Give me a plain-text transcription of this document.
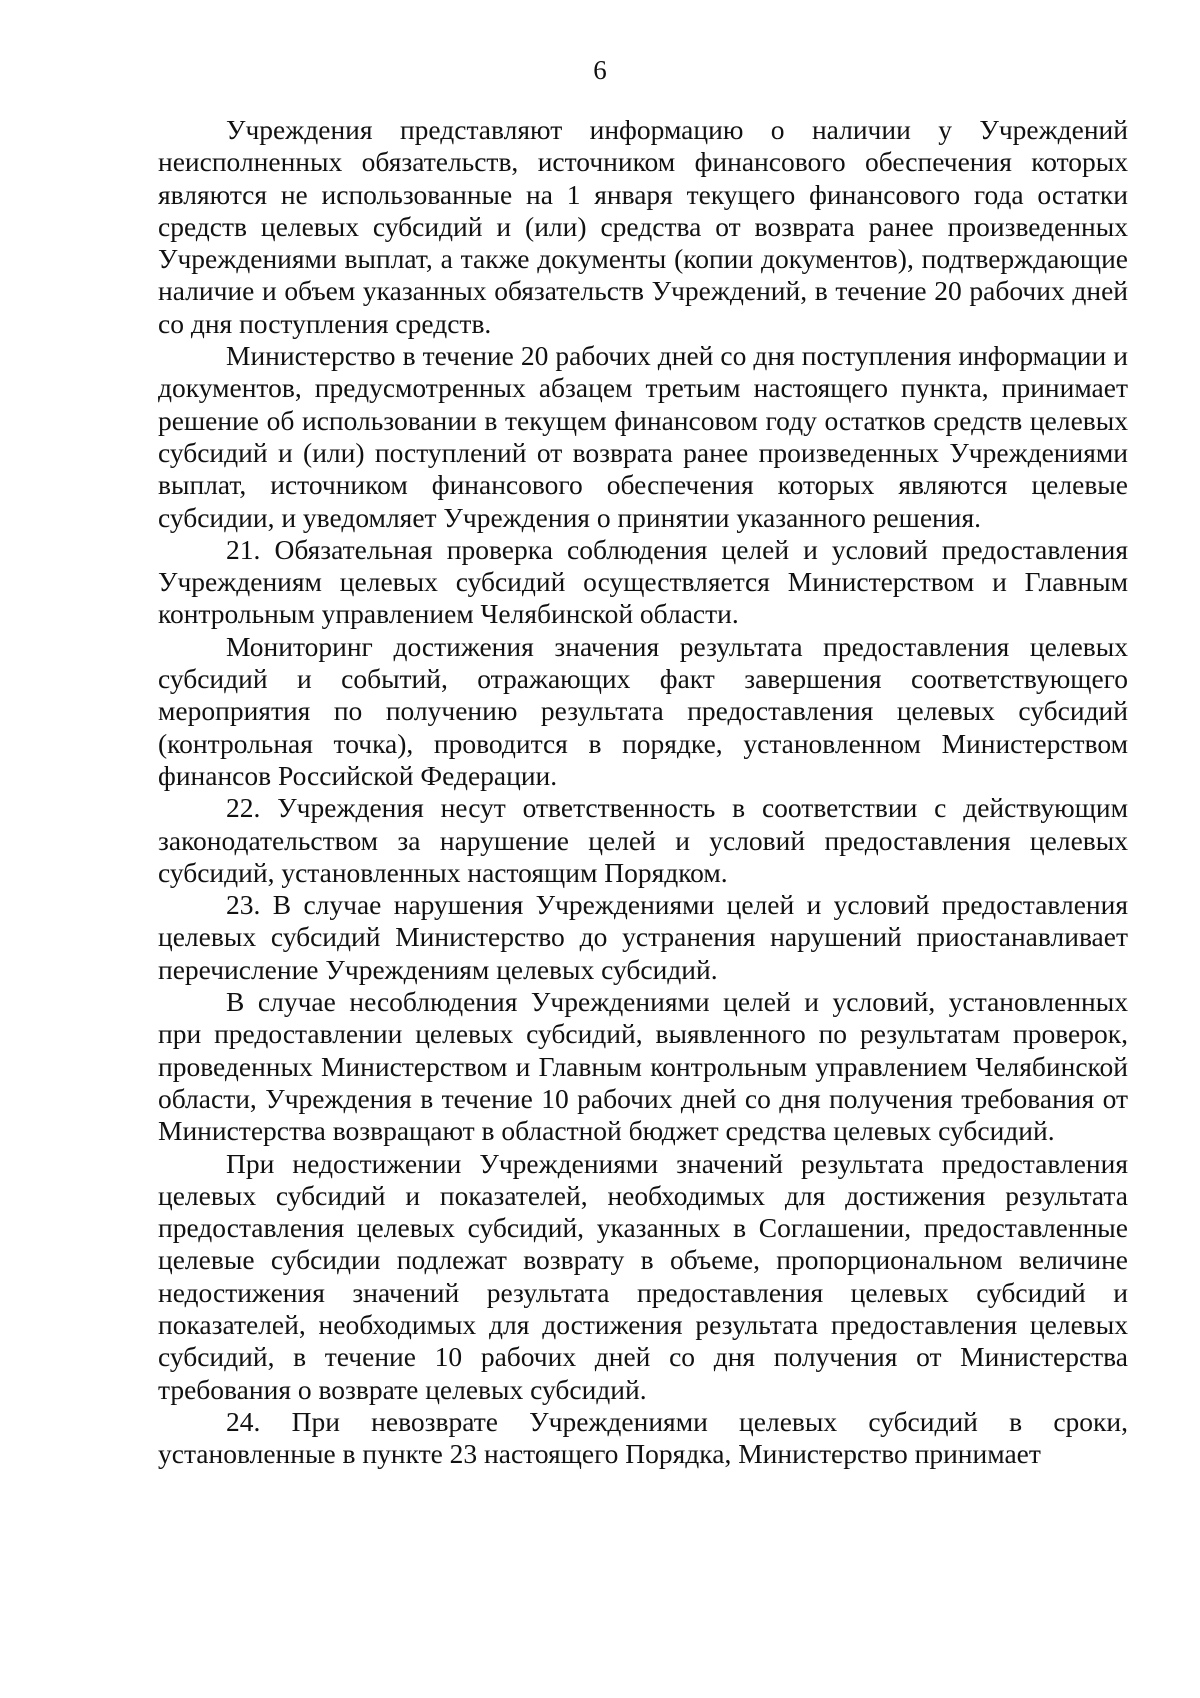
6

Учреждения представляют информацию о наличии у Учреждений неисполненных обязательств, источником финансового обеспечения которых являются не использованные на 1 января текущего финансового года остатки средств целевых субсидий и (или) средства от возврата ранее произведенных Учреждениями выплат, а также документы (копии документов), подтверждающие наличие и объем указанных обязательств Учреждений, в течение 20 рабочих дней со дня поступления средств.

Министерство в течение 20 рабочих дней со дня поступления информации и документов, предусмотренных абзацем третьим настоящего пункта, принимает решение об использовании в текущем финансовом году остатков средств целевых субсидий и (или) поступлений от возврата ранее произведенных Учреждениями выплат, источником финансового обеспечения которых являются целевые субсидии, и уведомляет Учреждения о принятии указанного решения.

21. Обязательная проверка соблюдения целей и условий предоставления Учреждениям целевых субсидий осуществляется Министерством и Главным контрольным управлением Челябинской области.

Мониторинг достижения значения результата предоставления целевых субсидий и событий, отражающих факт завершения соответствующего мероприятия по получению результата предоставления целевых субсидий (контрольная точка), проводится в порядке, установленном Министерством финансов Российской Федерации.

22. Учреждения несут ответственность в соответствии с действующим законодательством за нарушение целей и условий предоставления целевых субсидий, установленных настоящим Порядком.

23. В случае нарушения Учреждениями целей и условий предоставления целевых субсидий Министерство до устранения нарушений приостанавливает перечисление Учреждениям целевых субсидий.

В случае несоблюдения Учреждениями целей и условий, установленных при предоставлении целевых субсидий, выявленного по результатам проверок, проведенных Министерством и Главным контрольным управлением Челябинской области, Учреждения в течение 10 рабочих дней со дня получения требования от Министерства возвращают в областной бюджет средства целевых субсидий.

При недостижении Учреждениями значений результата предоставления целевых субсидий и показателей, необходимых для достижения результата предоставления целевых субсидий, указанных в Соглашении, предоставленные целевые субсидии подлежат возврату в объеме, пропорциональном величине недостижения значений результата предоставления целевых субсидий и показателей, необходимых для достижения результата предоставления целевых субсидий, в течение 10 рабочих дней со дня получения от Министерства требования о возврате целевых субсидий.

24. При невозврате Учреждениями целевых субсидий в сроки, установленные в пункте 23 настоящего Порядка, Министерство принимает
